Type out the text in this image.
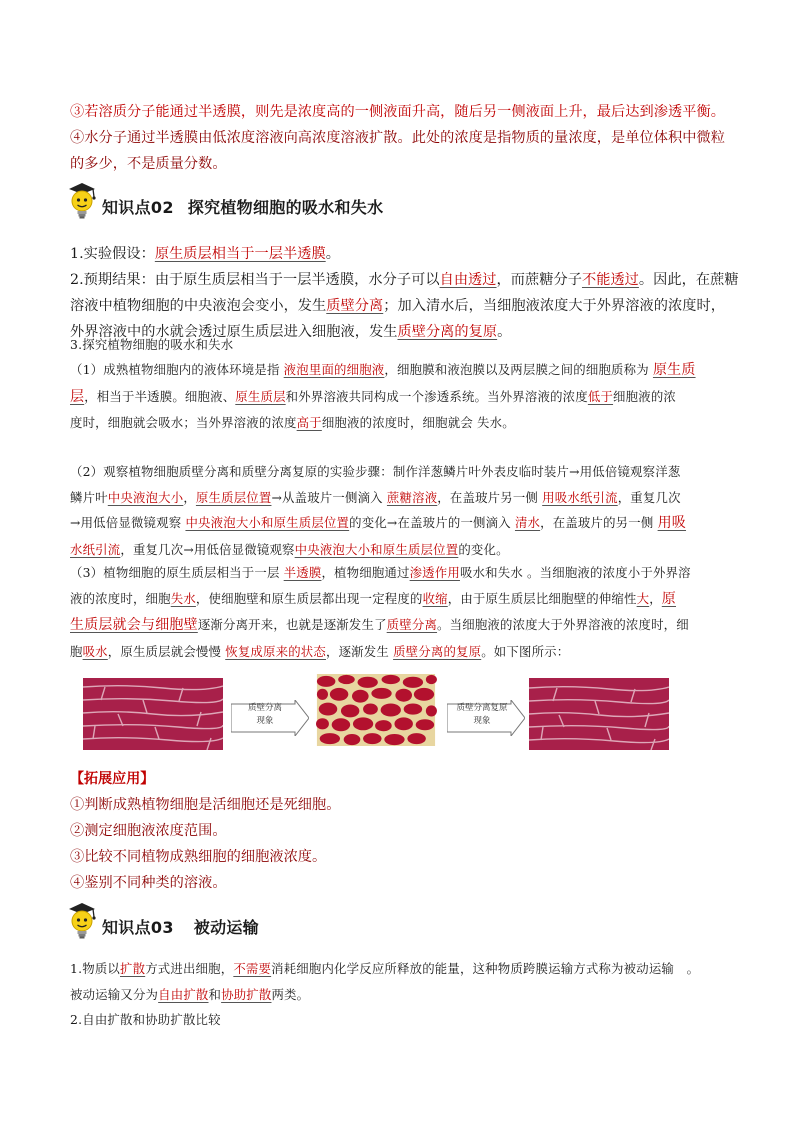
③若溶质分子能通过半透膜，则先是浓度高的一侧液面升高，随后另一侧液面上升，最后达到渗透平衡。
④水分子通过半透膜由低浓度溶液向高浓度溶液扩散。此处的浓度是指物质的量浓度，是单位体积中微粒
的多少，不是质量分数。
知识点02 探究植物细胞的吸水和失水
1.实验假设：原生质层相当于一层半透膜。
2.预期结果：由于原生质层相当于一层半透膜，水分子可以自由透过，而蔗糖分子不能透过。因此，在蔗糖
溶液中植物细胞的中央液泡会变小，发生质壁分离；加入清水后，当细胞液浓度大于外界溶液的浓度时，
外界溶液中的水就会透过原生质层进入细胞液，发生质壁分离的复原。
3.探究植物细胞的吸水和失水
（1）成熟植物细胞内的液体环境是指 液泡里面的细胞液，细胞膜和液泡膜以及两层膜之间的细胞质称为 原生质
层，相当于半透膜。细胞液、原生质层和外界溶液共同构成一个渗透系统。当外界溶液的浓度低于细胞液的浓
度时，细胞就会吸水；当外界溶液的浓度高于细胞液的浓度时，细胞就会 失水。
（2）观察植物细胞质壁分离和质壁分离复原的实验步骤：制作洋葱鳞片叶外表皮临时装片→用低倍镜观察洋葱
鳞片叶中央液泡大小，原生质层位置→从盖玻片一侧滴入 蔗糖溶液，在盖玻片另一侧 用吸水纸引流，重复几次
→用低倍显微镜观察 中央液泡大小和原生质层位置的变化→在盖玻片的一侧滴入 清水，在盖玻片的另一侧 用吸
水纸引流，重复几次→用低倍显微镜观察中央液泡大小和原生质层位置的变化。
（3）植物细胞的原生质层相当于一层 半透膜，植物细胞通过渗透作用吸水和失水 。当细胞液的浓度小于外界溶
液的浓度时，细胞失水，使细胞壁和原生质层都出现一定程度的收缩，由于原生质层比细胞壁的伸缩性大，原
生质层就会与细胞壁逐渐分离开来，也就是逐渐发生了质壁分离。当细胞液的浓度大于外界溶液的浓度时，细
胞吸水，原生质层就会慢慢 恢复成原来的状态，逐渐发生 质壁分离的复原。如下图所示：
质壁分离
现象
质壁分离复原
现象
【拓展应用】
①判断成熟植物细胞是活细胞还是死细胞。
②测定细胞液浓度范围。
③比较不同植物成熟细胞的细胞液浓度。
④鉴别不同种类的溶液。
知识点03 被动运输
1.物质以扩散方式进出细胞，不需要消耗细胞内化学反应所释放的能量，这种物质跨膜运输方式称为被动运输　。
被动运输又分为自由扩散和协助扩散两类。
2.自由扩散和协助扩散比较
